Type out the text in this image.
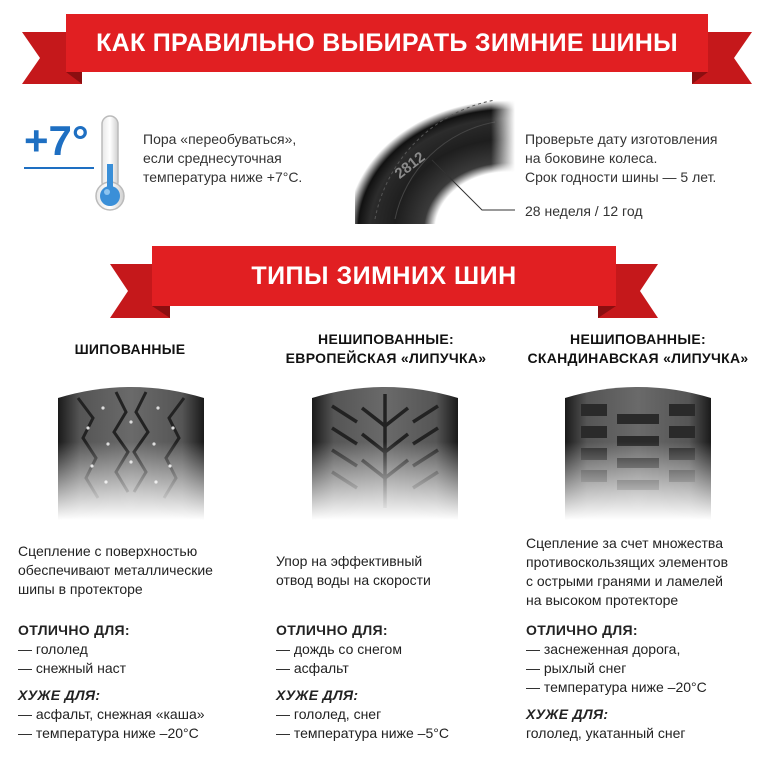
КАК ПРАВИЛЬНО ВЫБИРАТЬ ЗИМНИЕ ШИНЫ
+7°	Пора «переобуваться»,
если среднесуточная
температура ниже +7°С.	2812
Проверьте дату изготовления
на боковине колеса.
Срок годности шины — 5 лет.
28 неделя / 12 год
ТИПЫ ЗИМНИХ ШИН
ШИПОВАННЫЕ
НЕШИПОВАННЫЕ:
ЕВРОПЕЙСКАЯ «ЛИПУЧКА»
НЕШИПОВАННЫЕ:
СКАНДИНАВСКАЯ «ЛИПУЧКА»
Сцепление с поверхностью
обеспечивают металлические
шипы в протекторе
ОТЛИЧНО ДЛЯ:
— гололед
— снежный наст
ХУЖЕ ДЛЯ:
— асфальт, снежная «каша»
— температура ниже –20°С
Упор на эффективный
отвод воды на скорости
ОТЛИЧНО ДЛЯ:
— дождь со снегом
— асфальт
ХУЖЕ ДЛЯ:
— гололед, снег
— температура ниже –5°С
Сцепление за счет множества
противоскользящих элементов
с острыми гранями и ламелей
на высоком протекторе
ОТЛИЧНО ДЛЯ:
— заснеженная дорога,
— рыхлый снег
— температура ниже –20°С
ХУЖЕ ДЛЯ:
гололед, укатанный снег
